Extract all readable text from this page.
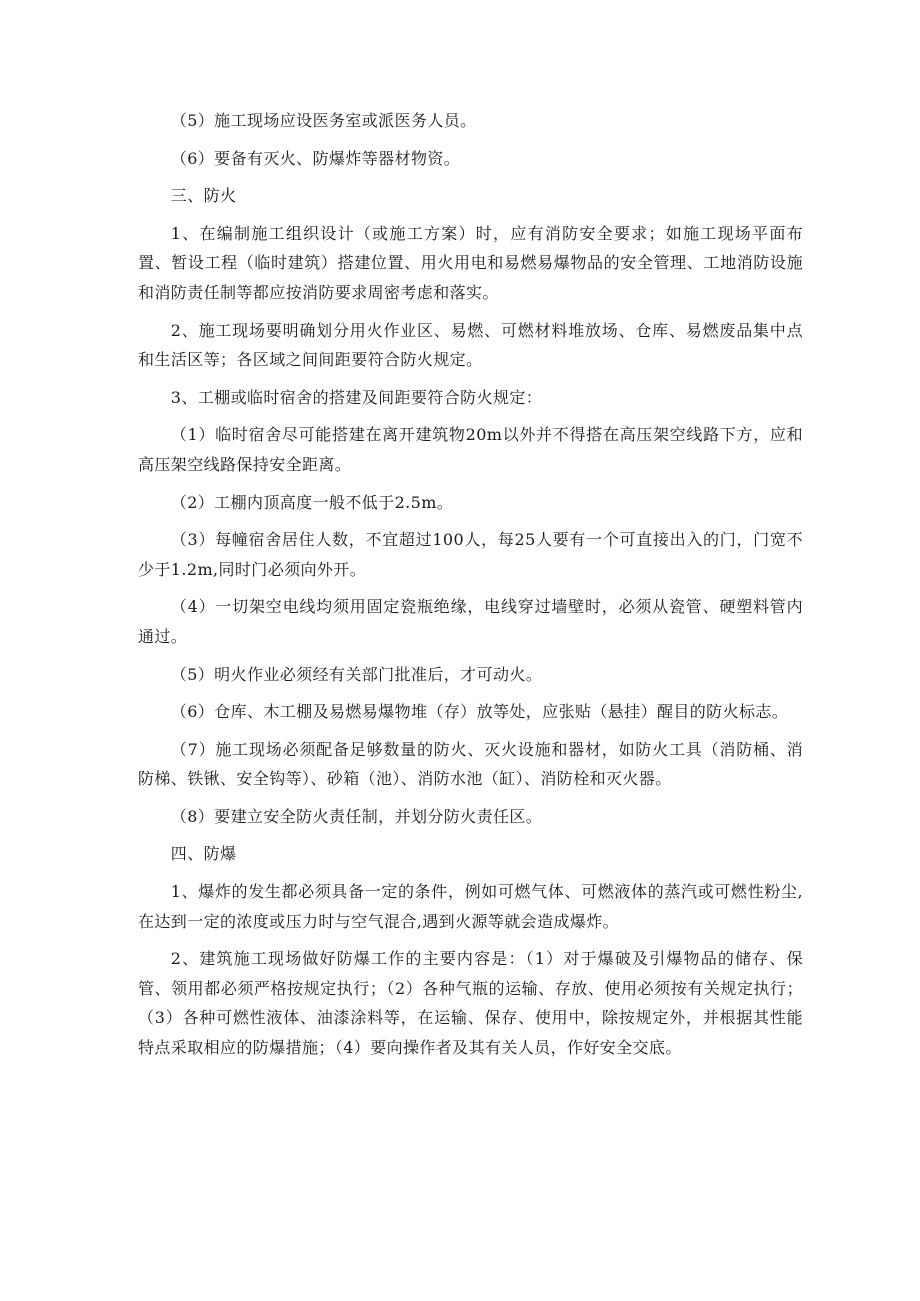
（5）施工现场应设医务室或派医务人员。

（6）要备有灭火、防爆炸等器材物资。

三、防火

1、在编制施工组织设计（或施工方案）时，应有消防安全要求；如施工现场平面布置、暂设工程（临时建筑）搭建位置、用火用电和易燃易爆物品的安全管理、工地消防设施和消防责任制等都应按消防要求周密考虑和落实。

2、施工现场要明确划分用火作业区、易燃、可燃材料堆放场、仓库、易燃废品集中点和生活区等；各区域之间间距要符合防火规定。

3、工棚或临时宿舍的搭建及间距要符合防火规定：

（1）临时宿舍尽可能搭建在离开建筑物20m以外并不得搭在高压架空线路下方，应和高压架空线路保持安全距离。

（2）工棚内顶高度一般不低于2.5m。

（3）每幢宿舍居住人数，不宜超过100人，每25人要有一个可直接出入的门，门宽不少于1.2m,同时门必须向外开。

（4）一切架空电线均须用固定瓷瓶绝缘，电线穿过墙壁时，必须从瓷管、硬塑料管内通过。

（5）明火作业必须经有关部门批准后，才可动火。

（6）仓库、木工棚及易燃易爆物堆（存）放等处，应张贴（悬挂）醒目的防火标志。

（7）施工现场必须配备足够数量的防火、灭火设施和器材，如防火工具（消防桶、消防梯、铁锹、安全钩等）、砂箱（池）、消防水池（缸）、消防栓和灭火器。

（8）要建立安全防火责任制，并划分防火责任区。

四、防爆

1、爆炸的发生都必须具备一定的条件，例如可燃气体、可燃液体的蒸汽或可燃性粉尘,在达到一定的浓度或压力时与空气混合,遇到火源等就会造成爆炸。

2、建筑施工现场做好防爆工作的主要内容是：（1）对于爆破及引爆物品的储存、保管、领用都必须严格按规定执行；（2）各种气瓶的运输、存放、使用必须按有关规定执行；（3）各种可燃性液体、油漆涂料等，在运输、保存、使用中，除按规定外，并根据其性能特点采取相应的防爆措施；（4）要向操作者及其有关人员，作好安全交底。
